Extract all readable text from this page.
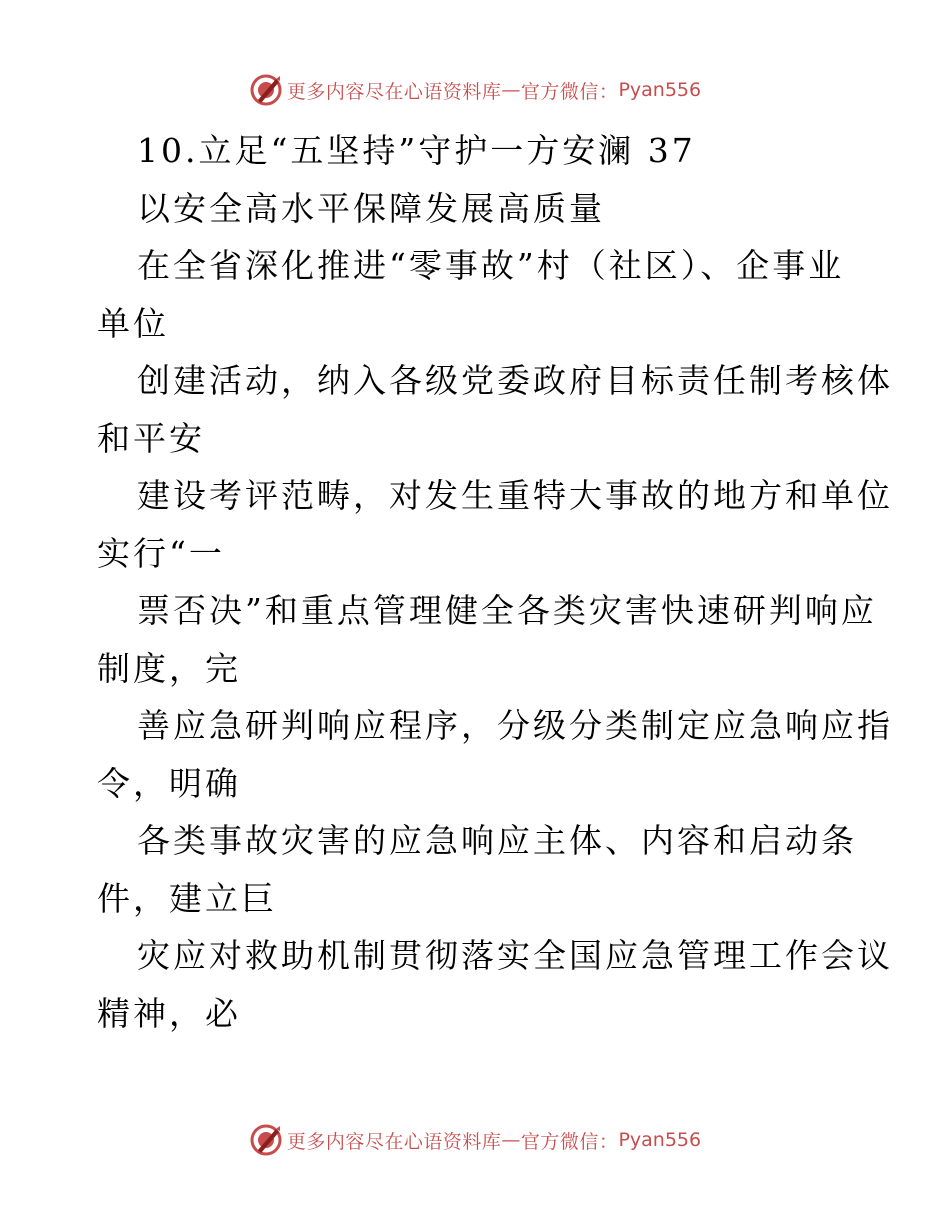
更多内容尽在心语资料库 — 官方微信： Pyan556
10.立足“五坚持”守护一方安澜 37
以安全高水平保障发展高质量
在全省深化推进“零事故”村（社区）、企事业
单位
创建活动，纳入各级党委政府目标责任制考核体
和平安
建设考评范畴，对发生重特大事故的地方和单位
实行“一
票否决”和重点管理健全各类灾害快速研判响应
制度，完
善应急研判响应程序，分级分类制定应急响应指
令，明确
各类事故灾害的应急响应主体、内容和启动条
件，建立巨
灾应对救助机制贯彻落实全国应急管理工作会议
精神，必
更多内容尽在心语资料库 — 官方微信： Pyan556
